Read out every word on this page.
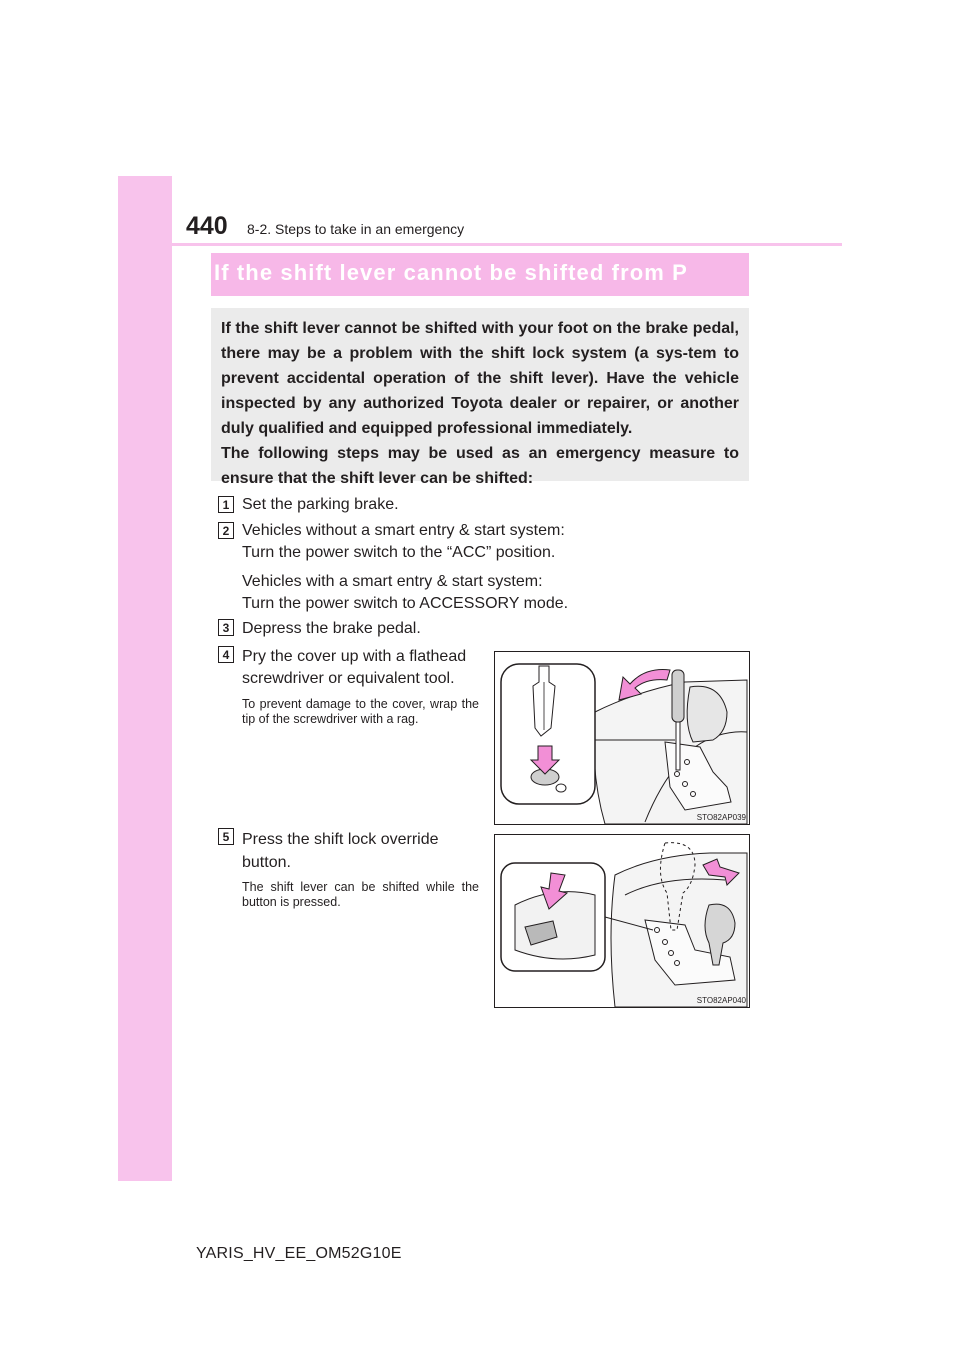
440 8-2. Steps to take in an emergency
If the shift lever cannot be shifted from P

If the shift lever cannot be shifted with your foot on the brake pedal, there may be a problem with the shift lock system (a sys-tem to prevent accidental operation of the shift lever). Have the vehicle inspected by any authorized Toyota dealer or repairer, or another duly qualified and equipped professional immediately.

The following steps may be used as an emergency measure to ensure that the shift lever can be shifted:

1 Set the parking brake.

2 Vehicles without a smart entry & start system:

Turn the power switch to the “ACC” position.

Vehicles with a smart entry & start system:

Turn the power switch to ACCESSORY mode.

3 Depress the brake pedal.

4 Pry the cover up with a flathead

screwdriver or equivalent tool.

To prevent damage to the cover, wrap the tip of the screwdriver with a rag.

STO82AP039
5 Press the shift lock override

button.

The shift lever can be shifted while the button is pressed.

STO82AP040
YARIS_HV_EE_OM52G10E
